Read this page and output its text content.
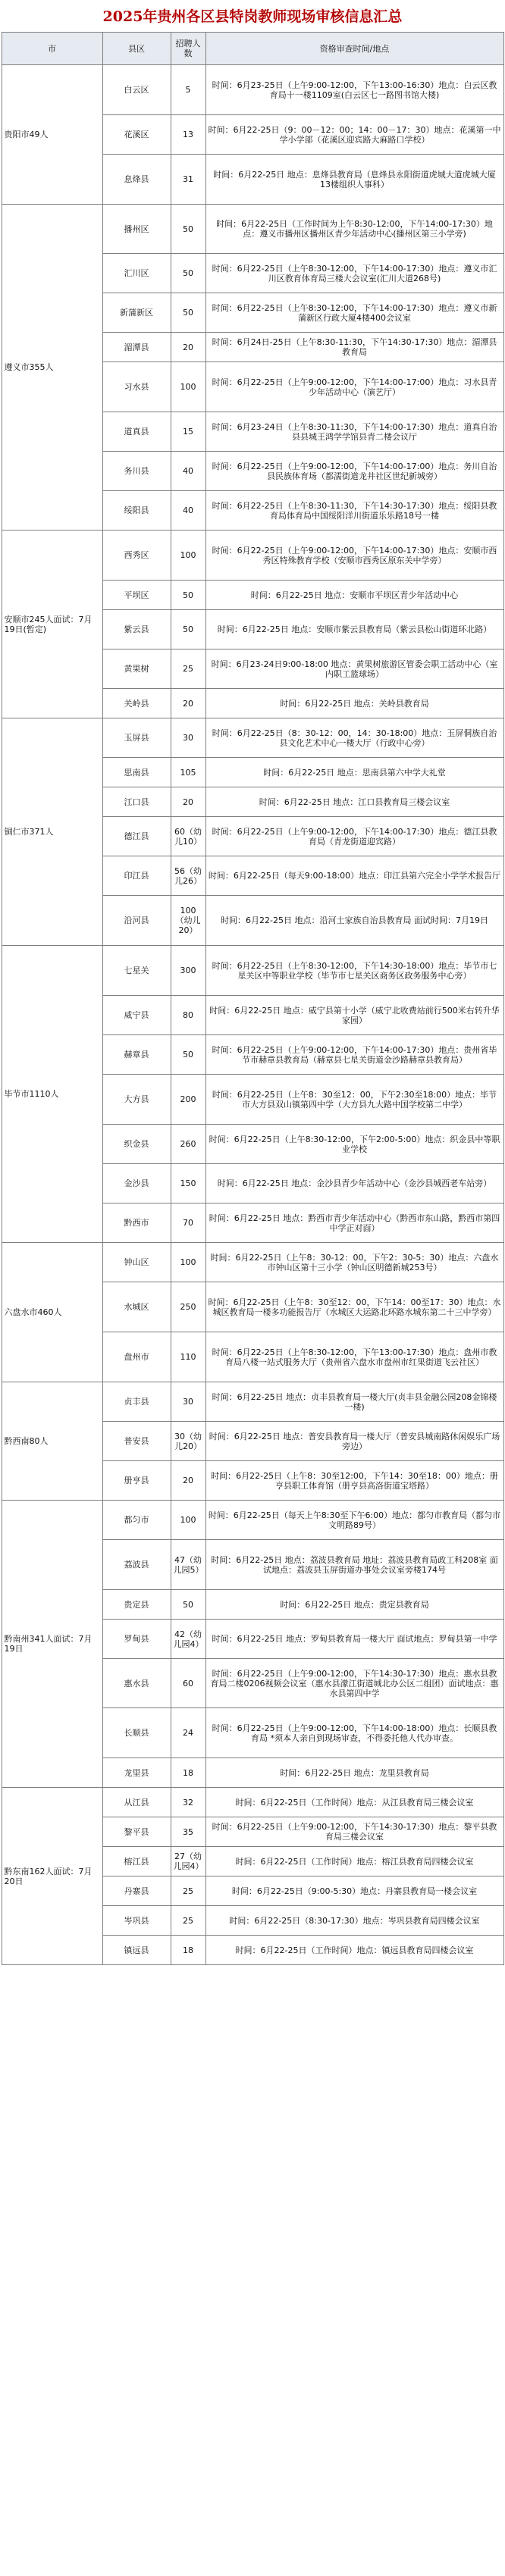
2025年贵州各区县特岗教师现场审核信息汇总
市	县区	招聘人数	资格审查时间/地点
贵阳市49人	白云区	5	时间：6月23-25日（上午9:00-12:00，下午13:00-16:30）地点：白云区教育局十一楼1109室(白云区七一路图书馆大楼)
	花溪区	13	时间：6月22-25日（9：00－12：00；14：00－17：30）地点：花溪第一中学小学部（花溪区迎宾路大麻路口学校）
	息烽县	31	时间：6月22-25日 地点：息烽县教育局（息烽县永阳街道虎城大道虎城大厦13楼组织人事科）
遵义市355人	播州区	50	时间：6月22-25日（工作时间为上午8:30-12:00，下午14:00-17:30）地点：遵义市播州区播州区青少年活动中心(播州区第三小学旁)
	汇川区	50	时间：6月22-25日（上午8:30-12:00，下午14:00-17:30）地点：遵义市汇川区教育体育局三楼大会议室(汇川大道268号)
	新蒲新区	50	时间：6月22-25日（上午8:30-12:00，下午14:00-17:30）地点：遵义市新蒲新区行政大厦4楼400会议室
	湄潭县	20	时间：6月24日-25日（上午8:30-11:30，下午14:30-17:30）地点：湄潭县教育局
	习水县	100	时间：6月22-25日（上午9:00-12:00，下午14:00-17:00）地点：习水县青少年活动中心（演艺厅）
	道真县	15	时间：6月23-24日（上午8:30-11:30，下午14:00-17:30）地点：道真自治县县城王鸿学学馆县青二楼会议厅
	务川县	40	时间：6月22-25日（上午9:00-12:00，下午14:00-17:00）地点：务川自治县民族体育场（都濡街道龙井社区世纪新城旁）
	绥阳县	40	时间：6月22-25日（上午8:30-11:30，下午14:30-17:30）地点：绥阳县教育局体育局中国绥阳洋川街道乐乐路18号一楼
安顺市245人面试：7月19日(暂定)	西秀区	100	时间：6月22-25日（上午9:00-12:00，下午14:00-17:30）地点：安顺市西秀区特殊教育学校（安顺市西秀区原东关中学旁）
	平坝区	50	时间：6月22-25日 地点：安顺市平坝区青少年活动中心
	紫云县	50	时间：6月22-25日 地点：安顺市紫云县教育局（紫云县松山街道环北路）
	黄果树	25	时间：6月23-24日9:00-18:00 地点：黄果树旅游区管委会职工活动中心（室内职工篮球场）
	关岭县	20	时间：6月22-25日 地点：关岭县教育局
铜仁市371人	玉屏县	30	时间：6月22-25日（8：30-12：00，14：30-18:00）地点：玉屏侗族自治县文化艺术中心一楼大厅（行政中心旁）
	思南县	105	时间：6月22-25日 地点：思南县第六中学大礼堂
	江口县	20	时间：6月22-25日 地点：江口县教育局三楼会议室
	德江县	60（幼儿10）	时间：6月22-25日（上午9:00-12:00，下午14:00-17:30）地点：德江县教育局（青龙街道迎宾路）
	印江县	56（幼儿26）	时间：6月22-25日（每天9:00-18:00）地点：印江县第六完全小学学术报告厅
	沿河县	100（幼儿20）	时间：6月22-25日 地点：沿河土家族自治县教育局 面试时间：7月19日
毕节市1110人	七星关	300	时间：6月22-25日（上午8:30-12:00，下午14:30-18:00）地点：毕节市七星关区中等职业学校（毕节市七星关区商务区政务服务中心旁）
	威宁县	80	时间：6月22-25日 地点：威宁县第十小学（威宁北收费站前行500米右转升华家园）
	赫章县	50	时间：6月22-25日（上午9:00-12:00，下午14:00-17:30）地点：贵州省毕节市赫章县教育局（赫章县七星关街道金沙路赫章县教育局）
	大方县	200	时间：6月22-25日（上午8：30至12：00，下午2:30至18:00）地点：毕节市大方县双山镇第四中学（大方县九大路中国学校第二中学）
	织金县	260	时间：6月22-25日（上午8:30-12:00，下午2:00-5:00）地点：织金县中等职业学校
	金沙县	150	时间：6月22-25日 地点：金沙县青少年活动中心（金沙县城西老车站旁）
	黔西市	70	时间：6月22-25日 地点：黔西市青少年活动中心（黔西市东山路，黔西市第四中学正对面）
六盘水市460人	钟山区	100	时间：6月22-25日（上午8：30-12：00，下午2：30-5：30）地点：六盘水市钟山区第十三小学（钟山区明德新城253号）
	水城区	250	时间：6月22-25日（上午8：30至12：00，下午14：00至17：30）地点：水城区教育局一楼多功能报告厅（水城区大运路北环路水城东第二十三中学旁）
	盘州市	110	时间：6月22-25日（上午8:30-12:00，下午13:00-17:30）地点：盘州市教育局八楼一站式服务大厅（贵州省六盘水市盘州市红果街道飞云社区）
黔西南80人	贞丰县	30	时间：6月22-25日 地点：贞丰县教育局一楼大厅(贞丰县金融公园208金锦楼一楼)
	普安县	30（幼儿20）	时间：6月22-25日 地点：普安县教育局一楼大厅（普安县城南路休闲娱乐广场旁边）
	册亨县	20	时间：6月22-25日（上午8：30至12:00，下午14：30至18：00）地点：册亨县职工体育馆（册亨县高洛街道宝塔路）
黔南州341人面试：7月19日	都匀市	100	时间：6月22-25日（每天上午8:30至下午6:00）地点：都匀市教育局（都匀市文明路89号）
	荔波县	47（幼儿园5）	时间：6月22-25日 地点：荔波县教育局 地址：荔波县教育局政工科208室 面试地点：荔波县玉屏街道办事处会议室旁楼174号
	贵定县	50	时间：6月22-25日 地点：贵定县教育局
	罗甸县	42（幼儿园4）	时间：6月22-25日 地点：罗甸县教育局一楼大厅 面试地点：罗甸县第一中学
	惠水县	60	时间：6月22-25日（上午9:00-12:00，下午14:30-17:30）地点：惠水县教育局二楼0206视频会议室（惠水县濛江街道城北办公区二组团）面试地点：惠水县第四中学
	长顺县	24	时间：6月22-25日（上午9:00-12:00，下午14:00-18:00）地点：长顺县教育局 *须本人亲自到现场审查，不得委托他人代办审查。
	龙里县	18	时间：6月22-25日 地点：龙里县教育局
黔东南162人面试：7月20日	从江县	32	时间：6月22-25日（工作时间）地点：从江县教育局三楼会议室
	黎平县	35	时间：6月22-25日（上午9:00-12:00，下午14:30-17:30）地点：黎平县教育局三楼会议室
	榕江县	27（幼儿园4）	时间：6月22-25日（工作时间）地点：榕江县教育局四楼会议室
	丹寨县	25	时间：6月22-25日（9:00-5:30）地点：丹寨县教育局一楼会议室
	岑巩县	25	时间：6月22-25日（8:30-17:30）地点：岑巩县教育局四楼会议室
	镇远县	18	时间：6月22-25日（工作时间）地点：镇远县教育局四楼会议室
